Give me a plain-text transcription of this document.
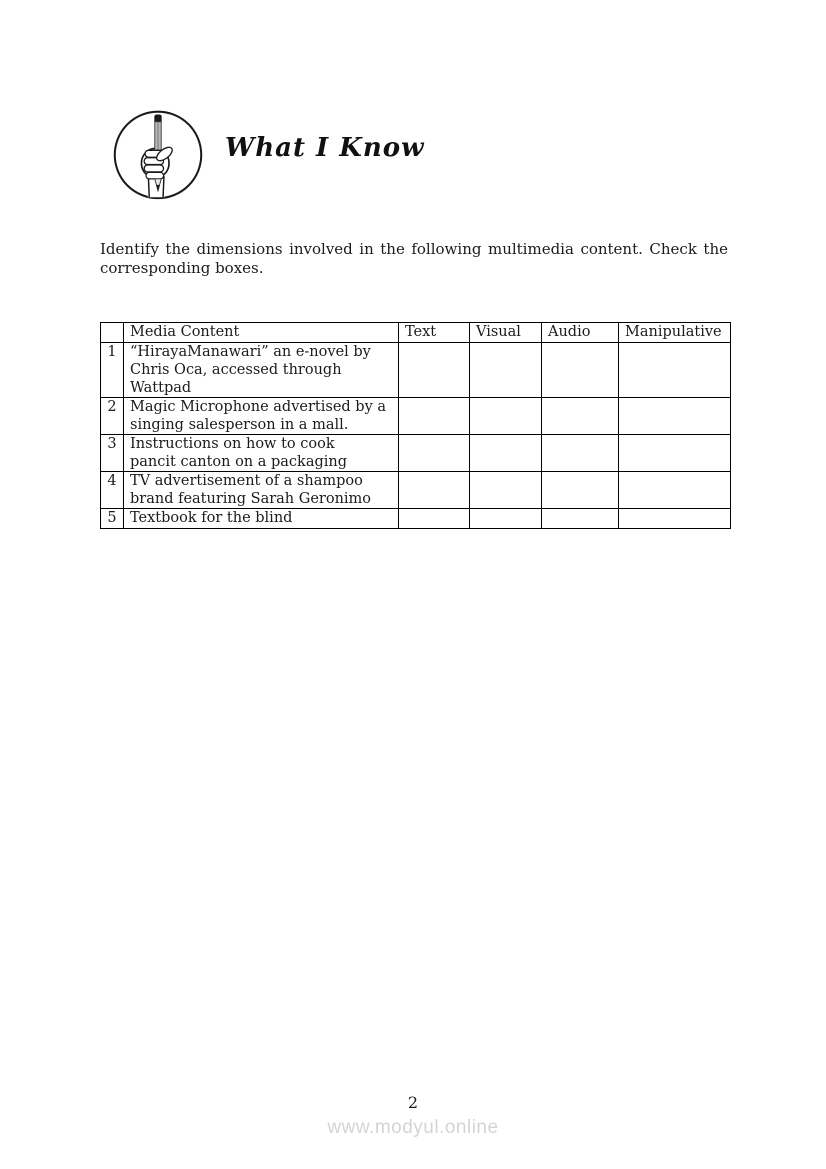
What I Know

Identify the dimensions involved in the following multimedia content. Check the corresponding boxes.

	Media Content	Text	Visual	Audio	Manipulative
1	“HirayaManawari” an e-novel by
Chris Oca, accessed through
Wattpad				

2	Magic Microphone advertised by a
singing salesperson in a mall.				

3	Instructions on how to cook
pancit canton on a packaging				

4	TV advertisement of a shampoo
brand featuring Sarah Geronimo				

5	Textbook for the blind				

2
www.modyul.online
